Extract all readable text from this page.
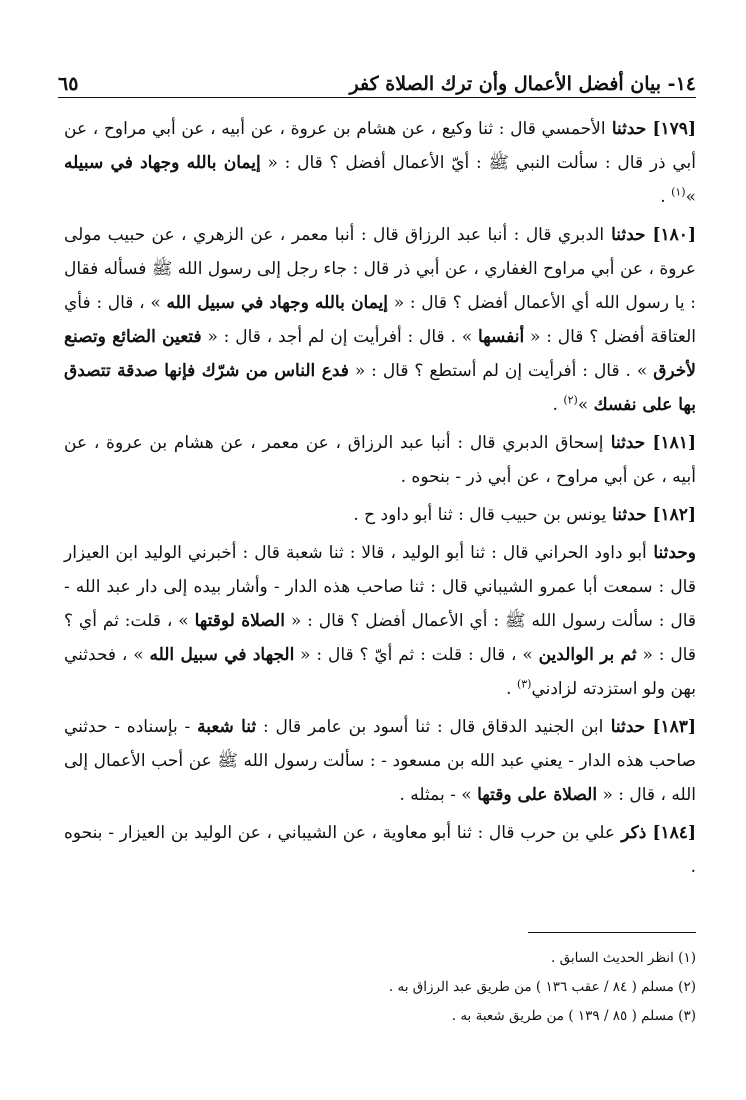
١٤- بيان أفضل الأعمال وأن ترك الصلاة كفر
٦٥

[١٧٩] حدثنا الأحمسي قال : ثنا وكيع ، عن هشام بن عروة ، عن أبيه ، عن أبي مراوح ، عن أبي ذر قال : سألت النبي ﷺ : أيّ الأعمال أفضل ؟ قال : « إيمان بالله وجهاد في سبيله »$^{(١)}$ .

[١٨٠] حدثنا الدبري قال : أنبا عبد الرزاق قال : أنبا معمر ، عن الزهري ، عن حبيب مولى عروة ، عن أبي مراوح الغفاري ، عن أبي ذر قال : جاء رجل إلى رسول الله ﷺ فسأله فقال : يا رسول الله أي الأعمال أفضل ؟ قال : « إيمان بالله وجهاد في سبيل الله » ، قال : فأي العتاقة أفضل ؟ قال : « أنفسها » . قال : أفرأيت إن لم أجد ، قال : « فتعين الضائع وتصنع لأخرق » . قال : أفرأيت إن لم أستطع ؟ قال : « فدع الناس من شرّك فإنها صدقة تتصدق بها على نفسك »$^{(٢)}$ .

[١٨١] حدثنا إسحاق الدبري قال : أنبا عبد الرزاق ، عن معمر ، عن هشام بن عروة ، عن أبيه ، عن أبي مراوح ، عن أبي ذر - بنحوه .

[١٨٢] حدثنا يونس بن حبيب قال : ثنا أبو داود ح .

وحدثنا أبو داود الحراني قال : ثنا أبو الوليد ، قالا : ثنا شعبة قال : أخبرني الوليد ابن العيزار قال : سمعت أبا عمرو الشيباني قال : ثنا صاحب هذه الدار - وأشار بيده إلى دار عبد الله - قال : سألت رسول الله ﷺ : أي الأعمال أفضل ؟ قال : « الصلاة لوقتها » ، قلت: ثم أي ؟ قال : « ثم بر الوالدين » ، قال : قلت : ثم أيّ ؟ قال : « الجهاد في سبيل الله » ، فحدثني بهن ولو استزدته لزادني$^{(٣)}$ .

[١٨٣] حدثنا ابن الجنيد الدقاق قال : ثنا أسود بن عامر قال : ثنا شعبة - بإسناده - حدثني صاحب هذه الدار - يعني عبد الله بن مسعود - : سألت رسول الله ﷺ عن أحب الأعمال إلى الله ، قال : « الصلاة على وقتها » - بمثله .

[١٨٤] ذكر علي بن حرب قال : ثنا أبو معاوية ، عن الشيباني ، عن الوليد بن العيزار - بنحوه .

(١) انظر الحديث السابق .
(٢) مسلم ( ٨٤ / عقب ١٣٦ ) من طريق عبد الرزاق به .
(٣) مسلم ( ٨٥ / ١٣٩ ) من طريق شعبة به .
